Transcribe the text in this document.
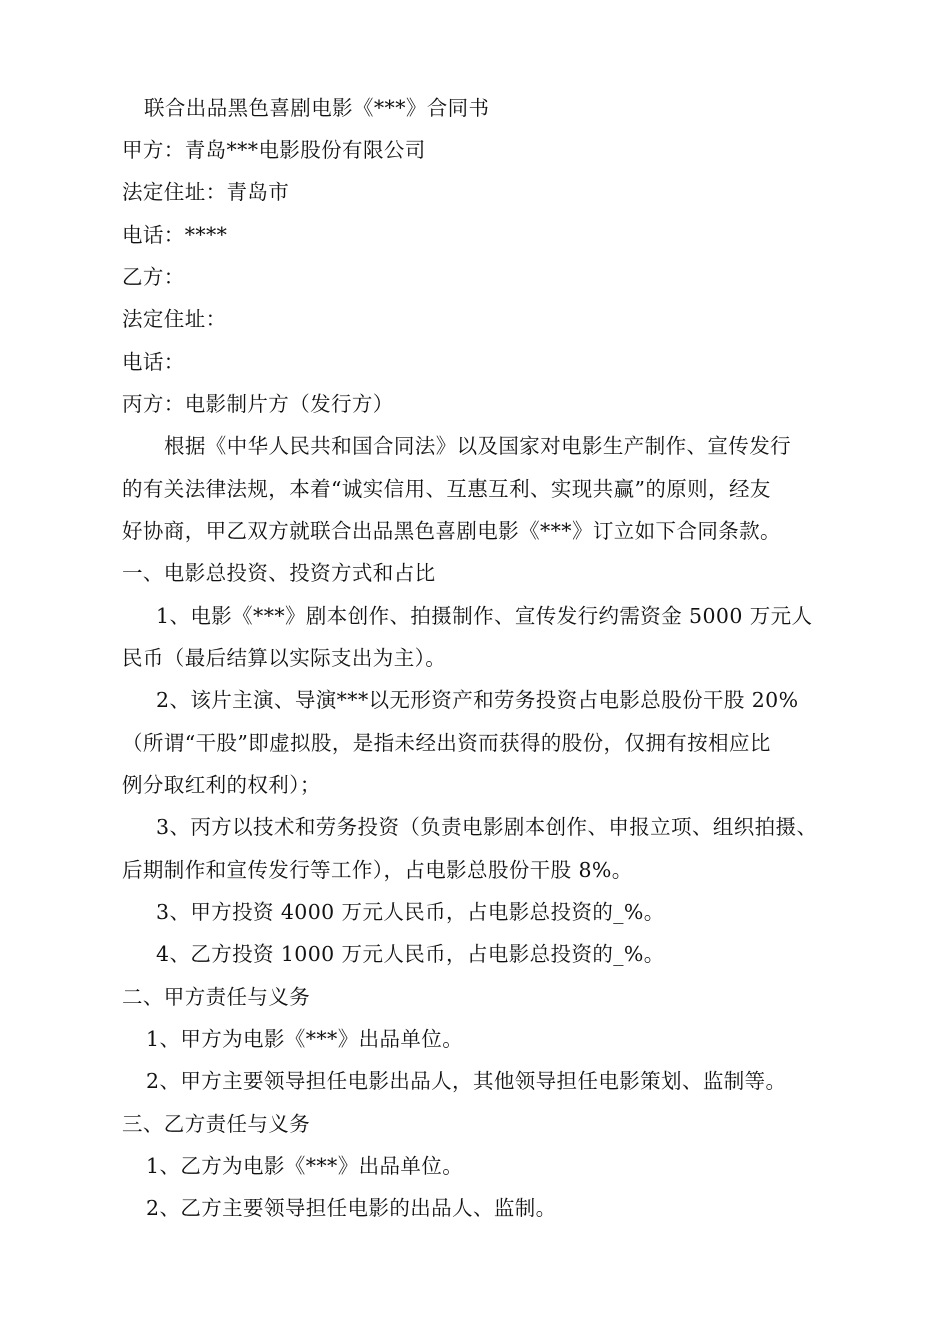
联合出品黑色喜剧电影《***》合同书
甲方：青岛***电影股份有限公司
法定住址：青岛市
电话：****
乙方：
法定住址：
电话：
丙方：电影制片方（发行方）
根据《中华人民共和国合同法》以及国家对电影生产制作、宣传发行
的有关法律法规，本着“诚实信用、互惠互利、实现共赢”的原则，经友
好协商，甲乙双方就联合出品黑色喜剧电影《***》订立如下合同条款。
一、电影总投资、投资方式和占比
1、电影《***》剧本创作、拍摄制作、宣传发行约需资金 5000 万元人
民币（最后结算以实际支出为主）。
2、该片主演、导演***以无形资产和劳务投资占电影总股份干股 20%
（所谓“干股”即虚拟股，是指未经出资而获得的股份，仅拥有按相应比
例分取红利的权利）；
3、丙方以技术和劳务投资（负责电影剧本创作、申报立项、组织拍摄、
后期制作和宣传发行等工作），占电影总股份干股 8%。
3、甲方投资 4000 万元人民币，占电影总投资的_%。
4、乙方投资 1000 万元人民币，占电影总投资的_%。
二、甲方责任与义务
1、甲方为电影《***》出品单位。
2、甲方主要领导担任电影出品人，其他领导担任电影策划、监制等。
三、乙方责任与义务
1、乙方为电影《***》出品单位。
2、乙方主要领导担任电影的出品人、监制。
